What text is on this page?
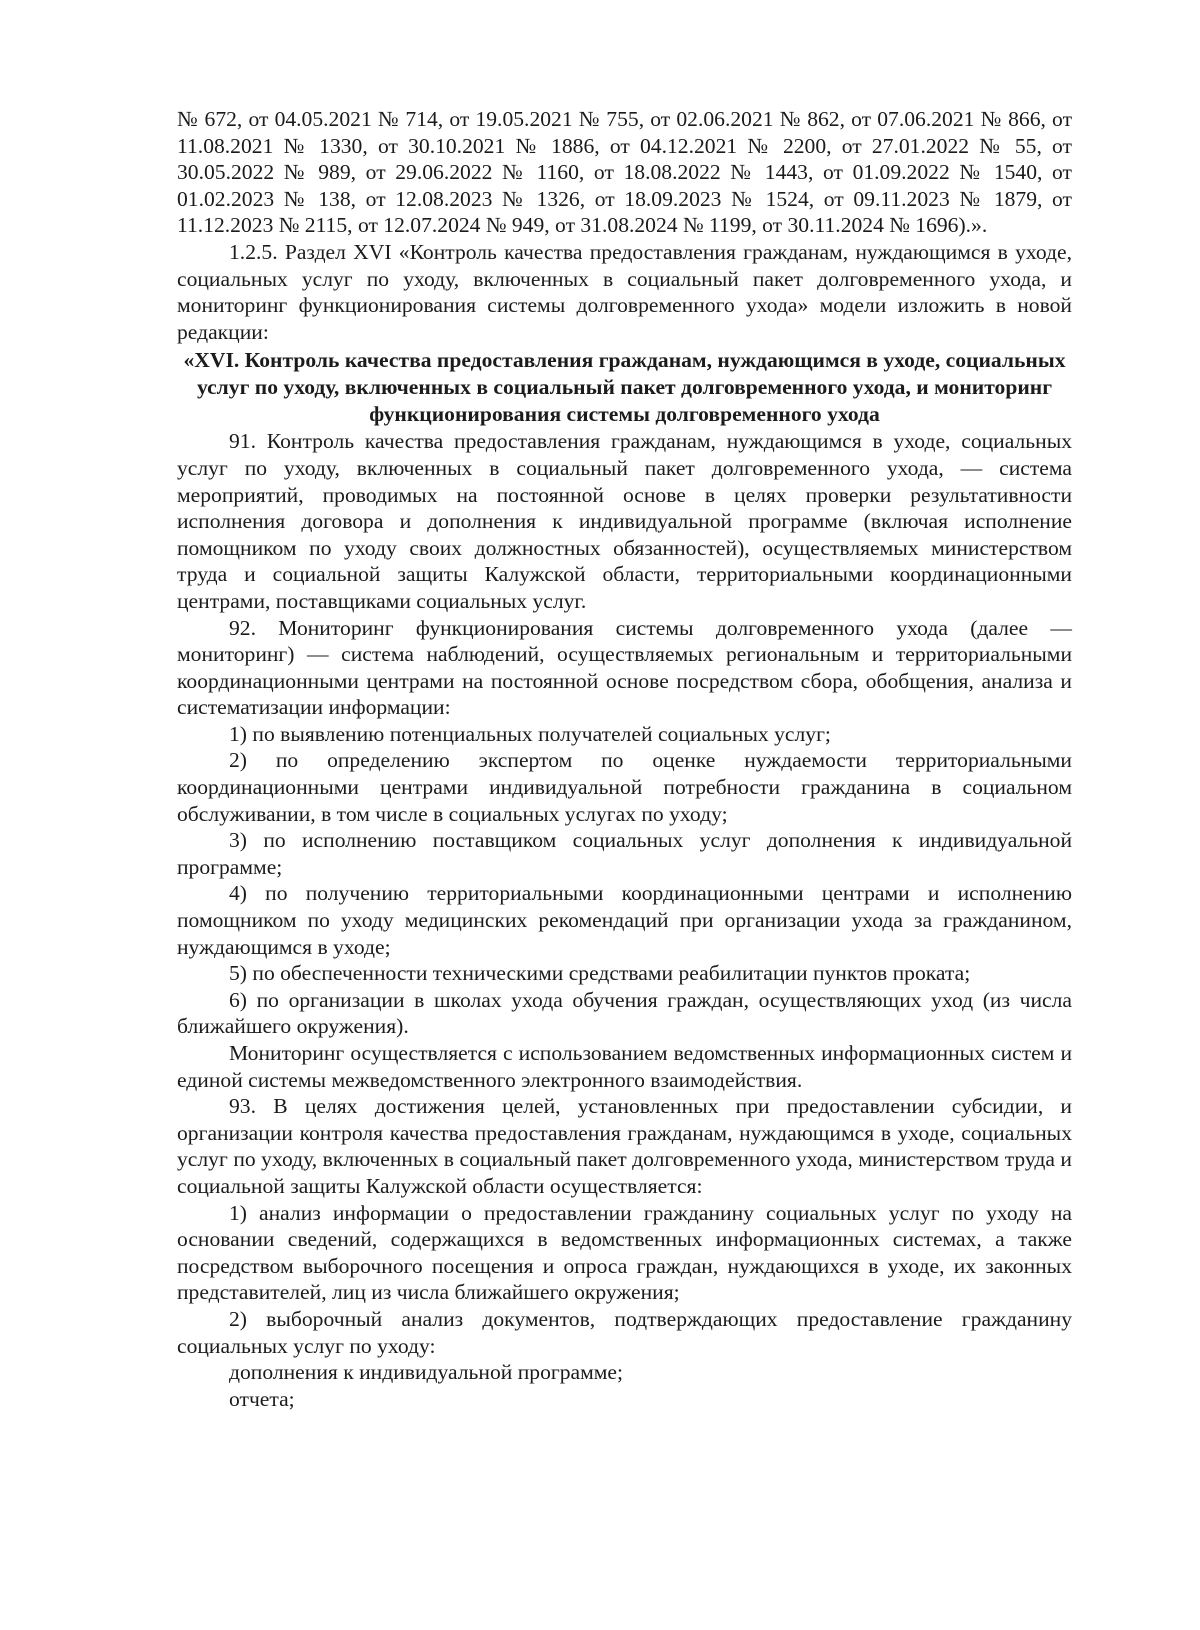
№ 672, от 04.05.2021 № 714, от 19.05.2021 № 755, от 02.06.2021 № 862, от 07.06.2021 № 866, от 11.08.2021 № 1330, от 30.10.2021 № 1886, от 04.12.2021 № 2200, от 27.01.2022 № 55, от 30.05.2022 № 989, от 29.06.2022 № 1160, от 18.08.2022 № 1443, от 01.09.2022 № 1540, от 01.02.2023 № 138, от 12.08.2023 № 1326, от 18.09.2023 № 1524, от 09.11.2023 № 1879, от 11.12.2023 № 2115, от 12.07.2024 № 949, от 31.08.2024 № 1199, от 30.11.2024 № 1696).».

1.2.5. Раздел XVI «Контроль качества предоставления гражданам, нуждающимся в уходе, социальных услуг по уходу, включенных в социальный пакет долговременного ухода, и мониторинг функционирования системы долговременного ухода» модели изложить в новой редакции:

«XVI. Контроль качества предоставления гражданам, нуждающимся в уходе, социальных услуг по уходу, включенных в социальный пакет долговременного ухода, и мониторинг функционирования системы долговременного ухода

91. Контроль качества предоставления гражданам, нуждающимся в уходе, социальных услуг по уходу, включенных в социальный пакет долговременного ухода, — система мероприятий, проводимых на постоянной основе в целях проверки результативности исполнения договора и дополнения к индивидуальной программе (включая исполнение помощником по уходу своих должностных обязанностей), осуществляемых министерством труда и социальной защиты Калужской области, территориальными координационными центрами, поставщиками социальных услуг.

92. Мониторинг функционирования системы долговременного ухода (далее — мониторинг) — система наблюдений, осуществляемых региональным и территориальными координационными центрами на постоянной основе посредством сбора, обобщения, анализа и систематизации информации:

1) по выявлению потенциальных получателей социальных услуг;

2) по определению экспертом по оценке нуждаемости территориальными координационными центрами индивидуальной потребности гражданина в социальном обслуживании, в том числе в социальных услугах по уходу;

3) по исполнению поставщиком социальных услуг дополнения к индивидуальной программе;

4) по получению территориальными координационными центрами и исполнению помощником по уходу медицинских рекомендаций при организации ухода за гражданином, нуждающимся в уходе;

5) по обеспеченности техническими средствами реабилитации пунктов проката;

6) по организации в школах ухода обучения граждан, осуществляющих уход (из числа ближайшего окружения).

Мониторинг осуществляется с использованием ведомственных информационных систем и единой системы межведомственного электронного взаимодействия.

93. В целях достижения целей, установленных при предоставлении субсидии, и организации контроля качества предоставления гражданам, нуждающимся в уходе, социальных услуг по уходу, включенных в социальный пакет долговременного ухода, министерством труда и социальной защиты Калужской области осуществляется:

1) анализ информации о предоставлении гражданину социальных услуг по уходу на основании сведений, содержащихся в ведомственных информационных системах, а также посредством выборочного посещения и опроса граждан, нуждающихся в уходе, их законных представителей, лиц из числа ближайшего окружения;

2) выборочный анализ документов, подтверждающих предоставление гражданину социальных услуг по уходу:

дополнения к индивидуальной программе;

отчета;
